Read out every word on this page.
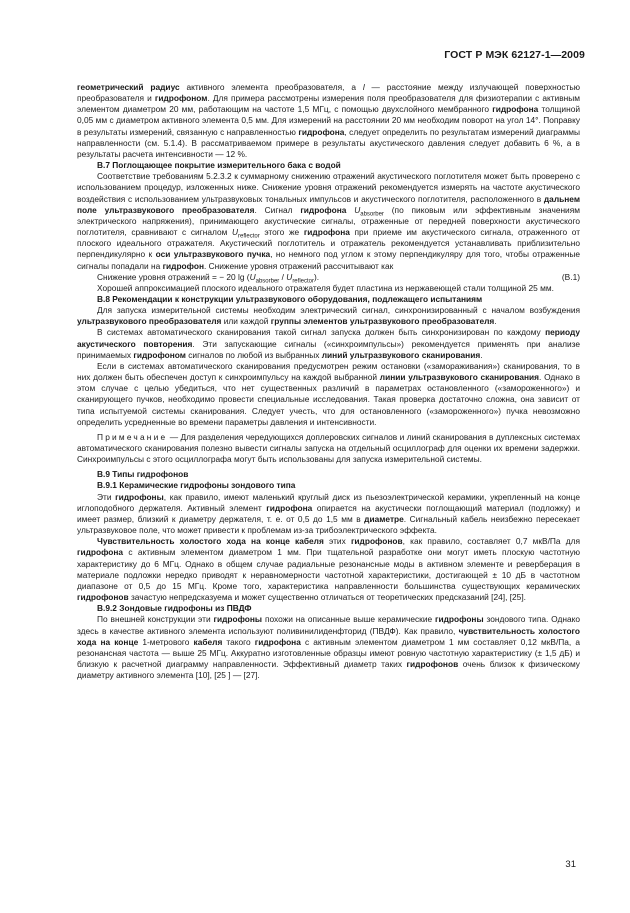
ГОСТ Р МЭК 62127-1—2009

геометрический радиус активного элемента преобразователя, а l — расстояние между излучающей поверхностью преобразователя и гидрофоном. Для примера рассмотрены измерения поля преобразователя для физиотерапии с активным элементом диаметром 20 мм, работающим на частоте 1,5 МГц, с помощью двухслойного мембранного гидрофона толщиной 0,05 мм с диаметром активного элемента 0,5 мм. Для измерений на расстоянии 20 мм необходим поворот на угол 14°. Поправку в результаты измерений, связанную с направленностью гидрофона, следует определить по результатам измерений диаграммы направленности (см. 5.1.4). В рассматриваемом примере в результаты акустического давления следует добавить 6 %, а в результаты расчета интенсивности — 12 %.

В.7 Поглощающее покрытие измерительного бака с водой

Соответствие требованиям 5.2.3.2 к суммарному снижению отражений акустического поглотителя может быть проверено с использованием процедур, изложенных ниже. Снижение уровня отражений рекомендуется измерять на частоте акустического воздействия с использованием ультразвуковых тональных импульсов и акустического поглотителя, расположенного в дальнем поле ультразвукового преобразователя. Сигнал гидрофона $U_{absorber}$ (по пиковым или эффективным значениям электрического напряжения), принимающего акустические сигналы, отраженные от передней поверхности акустического поглотителя, сравнивают с сигналом $U_{reflector}$ этого же гидрофона при приеме им акустического сигнала, отраженного от плоского идеального отражателя. Акустический поглотитель и отражатель рекомендуется устанавливать приблизительно перпендикулярно к оси ультразвукового пучка, но немного под углом к этому перпендикуляру для того, чтобы отраженные сигналы попадали на гидрофон. Снижение уровня отражений рассчитывают как

Снижение уровня отражений = − 20 $\lg (U_{absorber} / U_{reflector})$.	(В.1)

Хорошей аппроксимацией плоского идеального отражателя будет пластина из нержавеющей стали толщиной 25 мм.

В.8 Рекомендации к конструкции ультразвукового оборудования, подлежащего испытаниям

Для запуска измерительной системы необходим электрический сигнал, синхронизированный с началом возбуждения ультразвукового преобразователя или каждой группы элементов ультразвукового преобразователя.

В системах автоматического сканирования такой сигнал запуска должен быть синхронизирован по каждому периоду акустического повторения. Эти запускающие сигналы («синхроимпульсы») рекомендуется применять при анализе принимаемых гидрофоном сигналов по любой из выбранных линий ультразвукового сканирования.

Если в системах автоматического сканирования предусмотрен режим остановки («замораживания») сканирования, то в них должен быть обеспечен доступ к синхроимпульсу на каждой выбранной линии ультразвукового сканирования. Однако в этом случае с целью убедиться, что нет существенных различий в параметрах остановленного («замороженного») и сканирующего пучков, необходимо провести специальные исследования. Такая проверка достаточно сложна, она зависит от типа испытуемой системы сканирования. Следует учесть, что для остановленного («замороженного») пучка невозможно определить усредненные во времени параметры давления и интенсивности.

Примечание — Для разделения чередующихся доплеровских сигналов и линий сканирования в дуплексных системах автоматического сканирования полезно вывести сигналы запуска на отдельный осциллограф для оценки их времени задержки. Синхроимпульсы с этого осциллографа могут быть использованы для запуска измерительной системы.

В.9 Типы гидрофонов

В.9.1 Керамические гидрофоны зондового типа

Эти гидрофоны, как правило, имеют маленький круглый диск из пьезоэлектрической керамики, укрепленный на конце иглоподобного держателя. Активный элемент гидрофона опирается на акустически поглощающий материал (подложку) и имеет размер, близкий к диаметру держателя, т. е. от 0,5 до 1,5 мм в диаметре. Сигнальный кабель неизбежно пересекает ультразвуковое поле, что может привести к проблемам из-за трибоэлектрического эффекта.

Чувствительность холостого хода на конце кабеля этих гидрофонов, как правило, составляет 0,7 мкВ/Па для гидрофона с активным элементом диаметром 1 мм. При тщательной разработке они могут иметь плоскую частотную характеристику до 6 МГц. Однако в общем случае радиальные резонансные моды в активном элементе и реверберация в материале подложки нередко приводят к неравномерности частотной характеристики, достигающей ± 10 дБ в частотном диапазоне от 0,5 до 15 МГц. Кроме того, характеристика направленности большинства существующих керамических гидрофонов зачастую непредсказуема и может существенно отличаться от теоретических предсказаний [24], [25].

В.9.2 Зондовые гидрофоны из ПВДФ

По внешней конструкции эти гидрофоны похожи на описанные выше керамические гидрофоны зондового типа. Однако здесь в качестве активного элемента используют поливинилиденфторид (ПВДФ). Как правило, чувствительность холостого хода на конце 1-метрового кабеля такого гидрофона с активным элементом диаметром 1 мм составляет 0,12 мкВ/Па, а резонансная частота — выше 25 МГц. Аккуратно изготовленные образцы имеют ровную частотную характеристику (± 1,5 дБ) и близкую к расчетной диаграмму направленности. Эффективный диаметр таких гидрофонов очень близок к физическому диаметру активного элемента [10], [25 ] — [27].

31
